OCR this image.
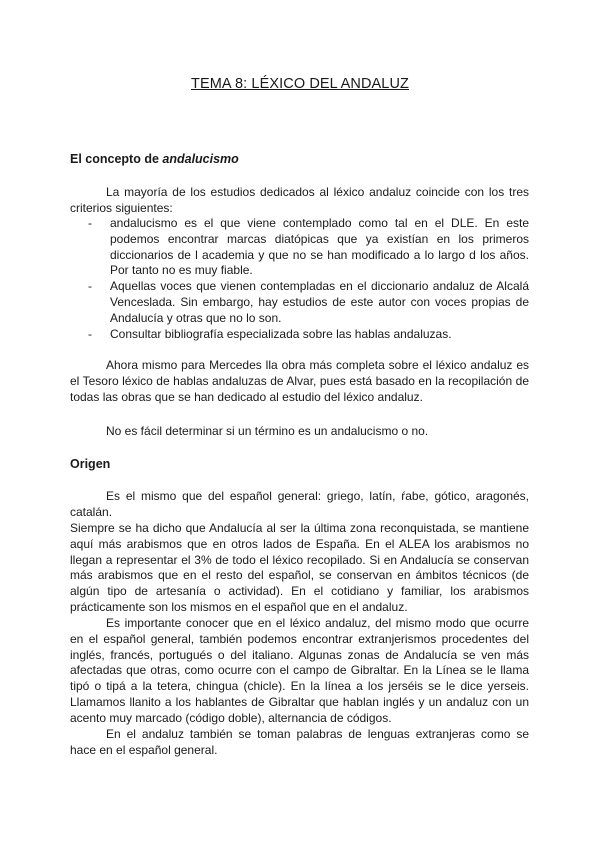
TEMA 8: LÉXICO DEL ANDALUZ
El concepto de andalucismo
La mayoría de los estudios dedicados al léxico andaluz coincide con los tres criterios siguientes:
- andalucismo es el que viene contemplado como tal en el DLE. En este podemos encontrar marcas diatópicas que ya existían en los primeros diccionarios de l academia y que no se han modificado a lo largo d los años. Por tanto no es muy fiable.
- Aquellas voces que vienen contempladas en el diccionario andaluz de Alcalá Venceslada. Sin embargo, hay estudios de este autor con voces propias de Andalucía y otras que no lo son.
- Consultar bibliografía especializada sobre las hablas andaluzas.
Ahora mismo para Mercedes lla obra más completa sobre el léxico andaluz es el Tesoro léxico de hablas andaluzas de Alvar, pues está basado en la recopilación de todas las obras que se han dedicado al estudio del léxico andaluz.
No es fácil determinar si un término es un andalucismo o no.
Origen
Es el mismo que del español general: griego, latín, ŕabe, gótico, aragonés, catalán.
Siempre se ha dicho que Andalucía al ser la última zona reconquistada, se mantiene aquí más arabismos que en otros lados de España. En el ALEA los arabismos no llegan a representar el 3% de todo el léxico recopilado. Si en Andalucía se conservan más arabismos que en el resto del español, se conservan en ámbitos técnicos (de algún tipo de artesanía o actividad). En el cotidiano y familiar, los arabismos prácticamente son los mismos en el español que en el andaluz.
Es importante conocer que en el léxico andaluz, del mismo modo que ocurre en el español general, también podemos encontrar extranjerismos procedentes del inglés, francés, portugués o del italiano. Algunas zonas de Andalucía se ven más afectadas que otras, como ocurre con el campo de Gibraltar. En la Línea se le llama tipó o tipá a la tetera, chingua (chicle). En la línea a los jerséis se le dice yerseis. Llamamos llanito a los hablantes de Gibraltar que hablan inglés y un andaluz con un acento muy marcado (código doble), alternancia de códigos.
En el andaluz también se toman palabras de lenguas extranjeras como se hace en el español general.
